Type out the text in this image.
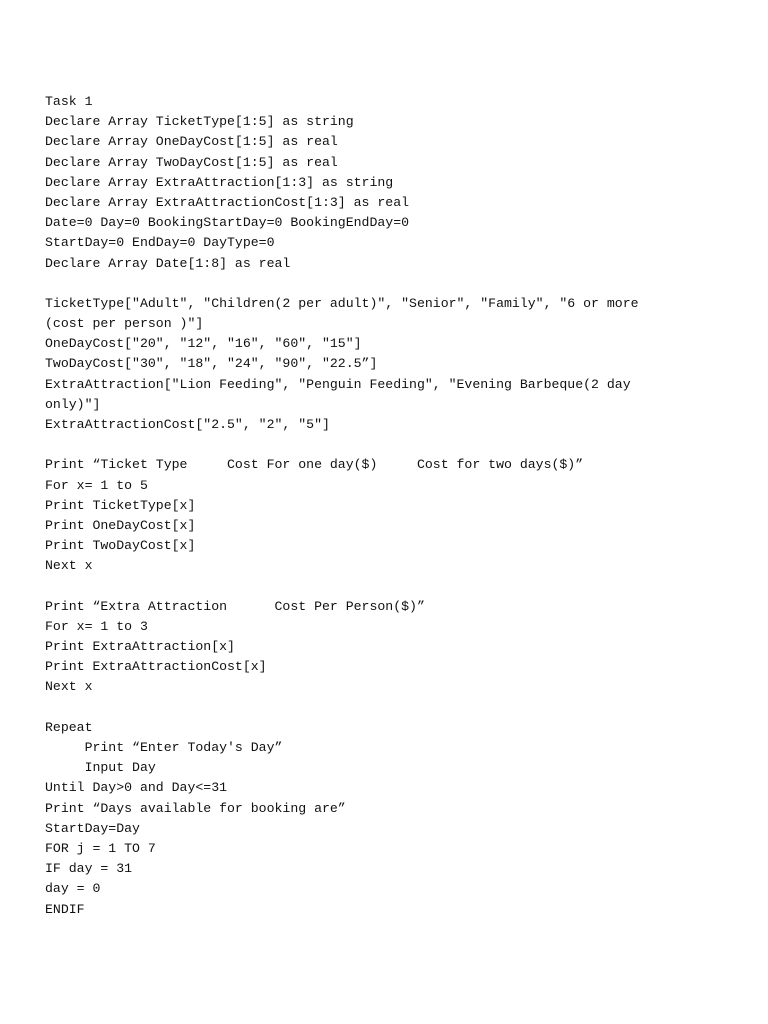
Task 1
Declare Array TicketType[1:5] as string
Declare Array OneDayCost[1:5] as real
Declare Array TwoDayCost[1:5] as real
Declare Array ExtraAttraction[1:3] as string
Declare Array ExtraAttractionCost[1:3] as real
Date=0 Day=0 BookingStartDay=0 BookingEndDay=0
StartDay=0 EndDay=0 DayType=0
Declare Array Date[1:8] as real
TicketType["Adult", "Children(2 per adult)", "Senior", "Family", "6 or more
(cost per person )"]
OneDayCost["20", "12", "16", "60", "15"]
TwoDayCost["30", "18", "24", "90", "22.5”]
ExtraAttraction["Lion Feeding", "Penguin Feeding", "Evening Barbeque(2 day
only)"]
ExtraAttractionCost["2.5", "2", "5"]
Print “Ticket Type     Cost For one day($)     Cost for two days($)”
For x= 1 to 5
Print TicketType[x]
Print OneDayCost[x]
Print TwoDayCost[x]
Next x
Print “Extra Attraction      Cost Per Person($)”
For x= 1 to 3
Print ExtraAttraction[x]
Print ExtraAttractionCost[x]
Next x
Repeat
Print “Enter Today's Day”
Input Day
Until Day>0 and Day<=31
Print “Days available for booking are”
StartDay=Day
FOR j = 1 TO 7
IF day = 31
day = 0
ENDIF
